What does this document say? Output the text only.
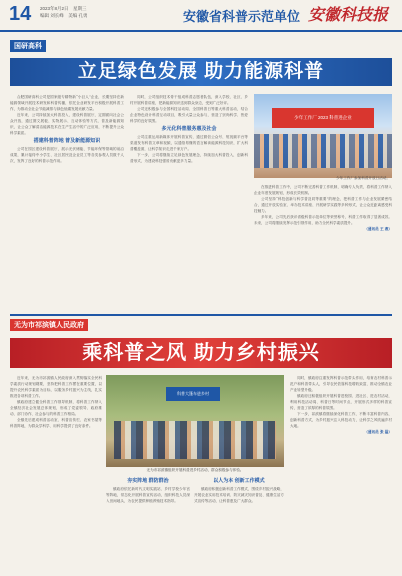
14 2023年8月2日　星期三
编辑 刘长峰　美编 孔勇	安徽省科普示范单位 安徽科技报
国研高科
立足绿色发展 助力能源科普

合肥国研高科公司是国家级专精特新“小巨人”企业，长期坚持在新能源领域开展技术研发和科普传播，依托企业研发平台积极开展科普工作，为推动全社会节能减排与绿色低碳发展贡献力量。

近年来，公司持续加大科普投入，建设科普展厅，定期面向社会公众开放，通过图文展板、实物展示、互动体验等方式，普及新能源知识，让公众了解清洁能源技术在生产生活中的广泛应用，不断提升公众科学素质。

搭建科普阵地 普及新能源知识

公司在园区建设科普展厅，展示光伏储能、节能环保等领域的前沿成果，累计接待中小学生、社区居民及企业员工等各类参观人员数千人次，发挥了良好的科普示范作用。

同时，公司组织技术骨干组成科普志愿者队伍，深入学校、社区、乡村开展科普讲座，把新能源知识送到群众身边，受到广泛好评。

公司还积极参与全国科技活动周、全国科普日等重大科普活动，结合企业特色设计科普互动项目，吸引大量公众参与，营造了崇尚科学、热爱科学的良好氛围。

多元化科普服务惠及社会

公司注重运用新媒体开展科普宣传，通过微信公众号、短视频平台等渠道发布科普文章和视频，以通俗易懂的语言解读能源科技知识，扩大科普覆盖面，让科学知识走进千家万户。

下一步，公司将继续立足绿色发展理念，持续加大科普投入，创新科普形式，为建设科技强省贡献更多力量。

少年工作厂 2023 科普进企业
少年工作厂参加科普开放日活动。

在推进科普工作中，公司不断完善科普工作机制，明确专人负责，将科普工作纳入企业年度发展规划，形成长效机制。

公司坚持“科技创新与科学普及同等重要”的理念，把科普工作与企业发展紧密结合，通过开放实验室、举办技术讲座、开展研学实践等多种形式，让公众近距离感受科技魅力。

多年来，公司先后获评省级科普示范单位等荣誉称号，科普工作取得了显著成效。未来，公司将继续发挥示范引领作用，助力全民科学素质提升。

（通讯员 王 燕）

无为市祁滨镇人民政府
乘科普之风 助力乡村振兴

近年来，无为市祁滨镇人民政府深入贯彻落实全民科学素质行动规划纲要，坚持把科普工作摆在重要位置，以提升农民科学素质为目标，以服务乡村振兴为主线，扎实推进各项科普工作。

镇政府建立健全科普工作领导机制，将科普工作纳入全镇经济社会发展总体规划，形成了党委领导、政府推动、部门协作、社会参与的科普工作格局。

全镇先后建成科普活动室、科普宣传栏、农家书屋等科普阵地，为群众学科学、用科学提供了良好条件。

科普大篷车进乡村
无为市祁滨镇组织开展科普进乡村活动，群众积极参与体验。
夯实阵地 群防群治

镇政府依托新时代文明实践站、乡村学校少年宫等阵地，常态化开展科普宣传活动，组织科技人员深入田间地头，为农民提供种植养殖技术指导。

以人为本 创新工作模式

镇政府积极创新科普工作模式，围绕乡村振兴战略，开展农业实用技术培训、防灾减灾知识普及、健康生活方式宣传等活动，让科普惠及广大群众。

同时，镇政府注重发挥科普示范带头作用，培育农村科普示范户和科普带头人，引导农民依靠科技增收致富，推动全镇农业产业转型升级。

镇政府还积极组织开展科普进校园、进社区、进农村活动，利用科技活动周、科普日等时间节点，开展形式多样的科普宣传，营造了浓厚的科普氛围。

下一步，祁滨镇将继续深化科普工作，不断丰富科普内容，创新科普方式，为乡村振兴注入科技动力，让科学之风吹遍乡村大地。

（通讯员 张 磊）
